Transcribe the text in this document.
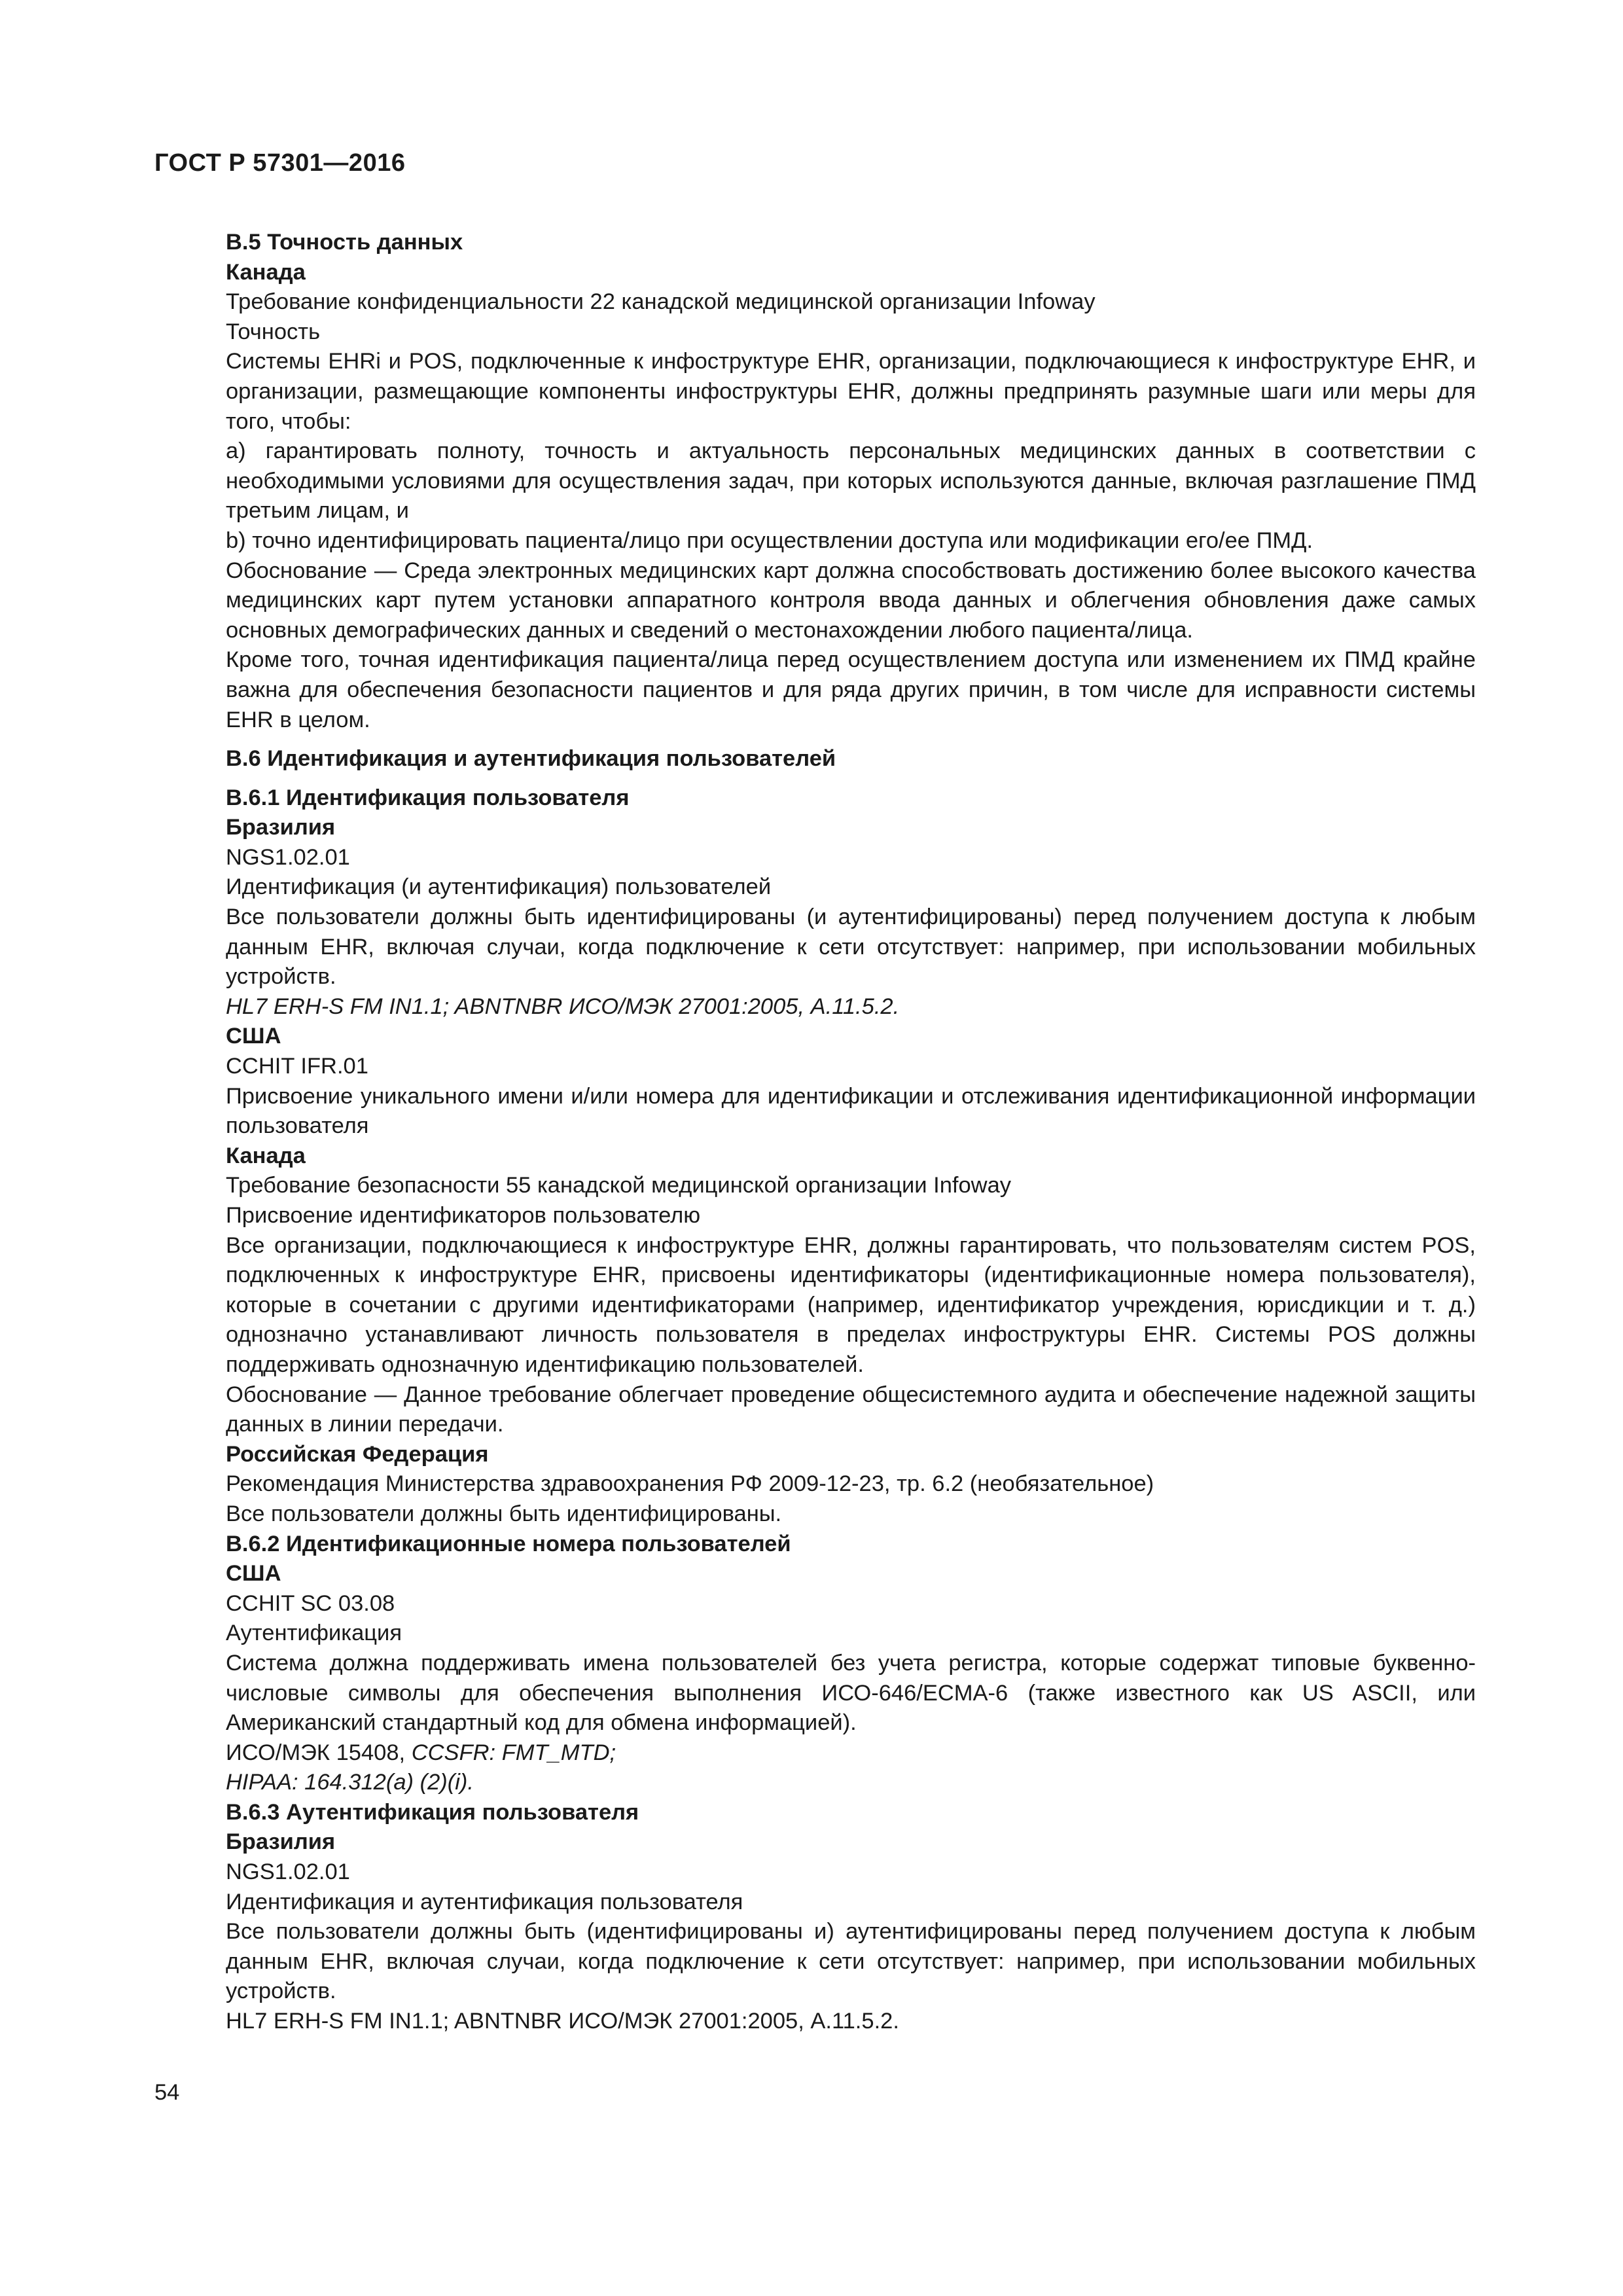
ГОСТ Р 57301—2016

B.5 Точность данных

Канада

Требование конфиденциальности 22 канадской медицинской организации Infoway

Точность

Системы EHRi и POS, подключенные к инфоструктуре EHR, организации, подключающиеся к инфоструктуре EHR, и организации, размещающие компоненты инфоструктуры EHR, должны предпринять разумные шаги или меры для того, чтобы:

а) гарантировать полноту, точность и актуальность персональных медицинских данных в соответствии с необходимыми условиями для осуществления задач, при которых используются данные, включая разглашение ПМД третьим лицам, и

b) точно идентифицировать пациента/лицо при осуществлении доступа или модификации его/ее ПМД.

Обоснование — Среда электронных медицинских карт должна способствовать достижению более высокого качества медицинских карт путем установки аппаратного контроля ввода данных и облегчения обновления даже самых основных демографических данных и сведений о местонахождении любого пациента/лица.

Кроме того, точная идентификация пациента/лица перед осуществлением доступа или изменением их ПМД крайне важна для обеспечения безопасности пациентов и для ряда других причин, в том числе для исправности системы EHR в целом.

B.6 Идентификация и аутентификация пользователей

B.6.1 Идентификация пользователя

Бразилия

NGS1.02.01

Идентификация (и аутентификация) пользователей

Все пользователи должны быть идентифицированы (и аутентифицированы) перед получением доступа к любым данным EHR, включая случаи, когда подключение к сети отсутствует: например, при использовании мобильных устройств.

HL7 ERH-S FM IN1.1; ABNTNBR ИСО/МЭК 27001:2005, A.11.5.2.

США

CCHIT IFR.01

Присвоение уникального имени и/или номера для идентификации и отслеживания идентификационной информации пользователя

Канада

Требование безопасности 55 канадской медицинской организации Infoway

Присвоение идентификаторов пользователю

Все организации, подключающиеся к инфоструктуре EHR, должны гарантировать, что пользователям систем POS, подключенных к инфоструктуре EHR, присвоены идентификаторы (идентификационные номера пользователя), которые в сочетании с другими идентификаторами (например, идентификатор учреждения, юрисдикции и т. д.) однозначно устанавливают личность пользователя в пределах инфоструктуры EHR. Системы POS должны поддерживать однозначную идентификацию пользователей.

Обоснование — Данное требование облегчает проведение общесистемного аудита и обеспечение надежной защиты данных в линии передачи.

Российская Федерация

Рекомендация Министерства здравоохранения РФ 2009-12-23, тр. 6.2 (необязательное)

Все пользователи должны быть идентифицированы.

B.6.2 Идентификационные номера пользователей

США

CCHIT SC 03.08

Аутентификация

Система должна поддерживать имена пользователей без учета регистра, которые содержат типовые буквенно-числовые символы для обеспечения выполнения ИСО-646/ECMA-6 (также известного как US ASCII, или Американский стандартный код для обмена информацией).

ИСО/МЭК 15408, CCSFR: FMT_MTD;

HIPAA: 164.312(a) (2)(i).

B.6.3 Аутентификация пользователя

Бразилия

NGS1.02.01

Идентификация и аутентификация пользователя

Все пользователи должны быть (идентифицированы и) аутентифицированы перед получением доступа к любым данным EHR, включая случаи, когда подключение к сети отсутствует: например, при использовании мобильных устройств.

HL7 ERH-S FM IN1.1; ABNTNBR ИСО/МЭК 27001:2005, A.11.5.2.

54
